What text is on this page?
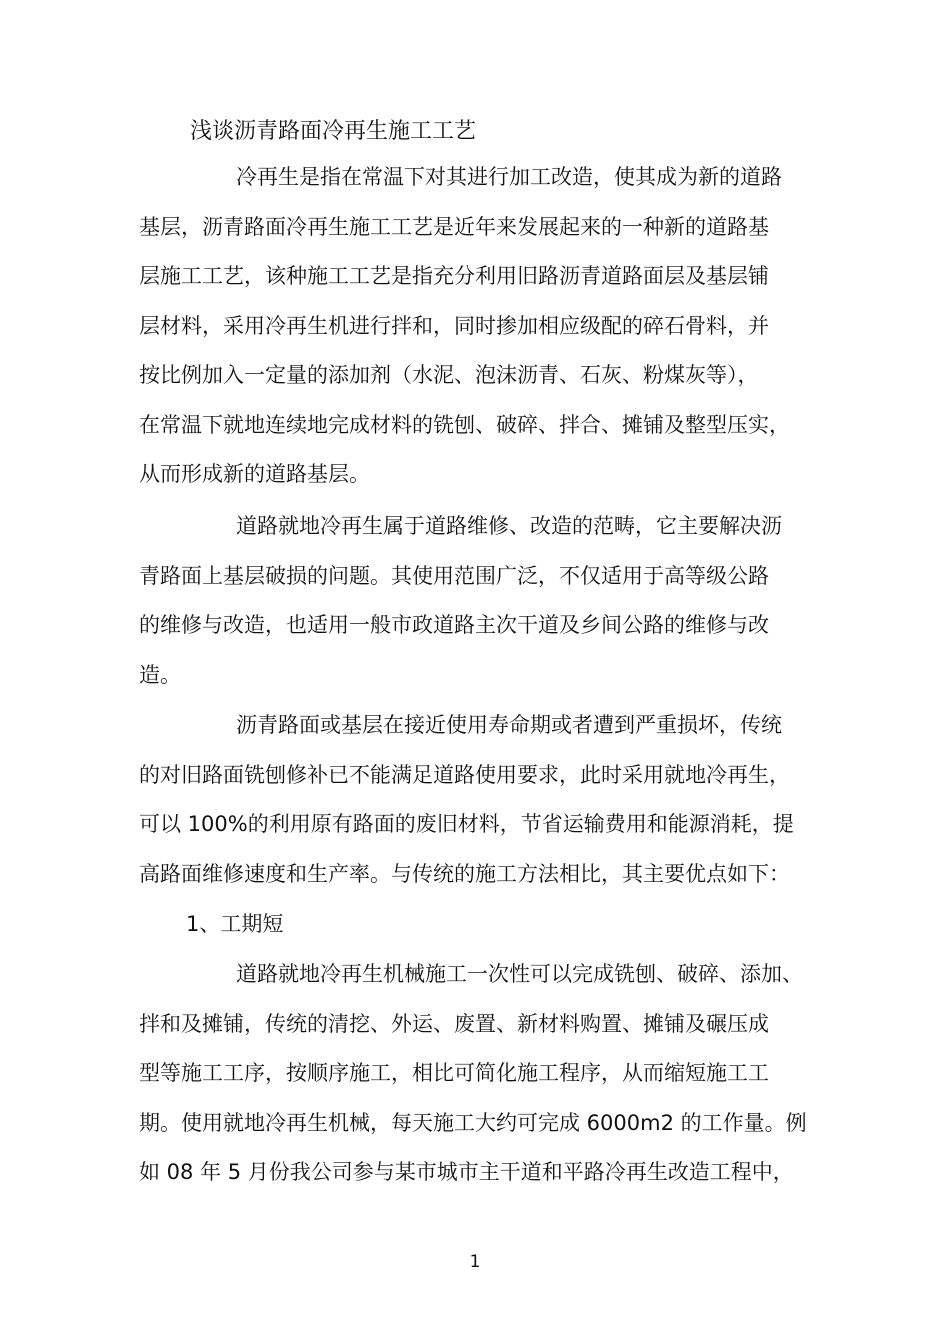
浅谈沥青路面冷再生施工工艺
冷再生是指在常温下对其进行加工改造，使其成为新的道路
基层，沥青路面冷再生施工工艺是近年来发展起来的一种新的道路基
层施工工艺，该种施工工艺是指充分利用旧路沥青道路面层及基层铺
层材料，采用冷再生机进行拌和，同时掺加相应级配的碎石骨料，并
按比例加入一定量的添加剂（水泥、泡沫沥青、石灰、粉煤灰等），
在常温下就地连续地完成材料的铣刨、破碎、拌合、摊铺及整型压实，
从而形成新的道路基层。
道路就地冷再生属于道路维修、改造的范畴，它主要解决沥
青路面上基层破损的问题。其使用范围广泛，不仅适用于高等级公路
的维修与改造，也适用一般市政道路主次干道及乡间公路的维修与改
造。
沥青路面或基层在接近使用寿命期或者遭到严重损坏，传统
的对旧路面铣刨修补已不能满足道路使用要求，此时采用就地冷再生，
可以 100%的利用原有路面的废旧材料，节省运输费用和能源消耗，提
高路面维修速度和生产率。与传统的施工方法相比，其主要优点如下：
1、工期短
道路就地冷再生机械施工一次性可以完成铣刨、破碎、添加、
拌和及摊铺，传统的清挖、外运、废置、新材料购置、摊铺及碾压成
型等施工工序，按顺序施工，相比可简化施工程序，从而缩短施工工
期。使用就地冷再生机械，每天施工大约可完成 6000m2 的工作量。例
如 08 年 5 月份我公司参与某市城市主干道和平路冷再生改造工程中，
1
